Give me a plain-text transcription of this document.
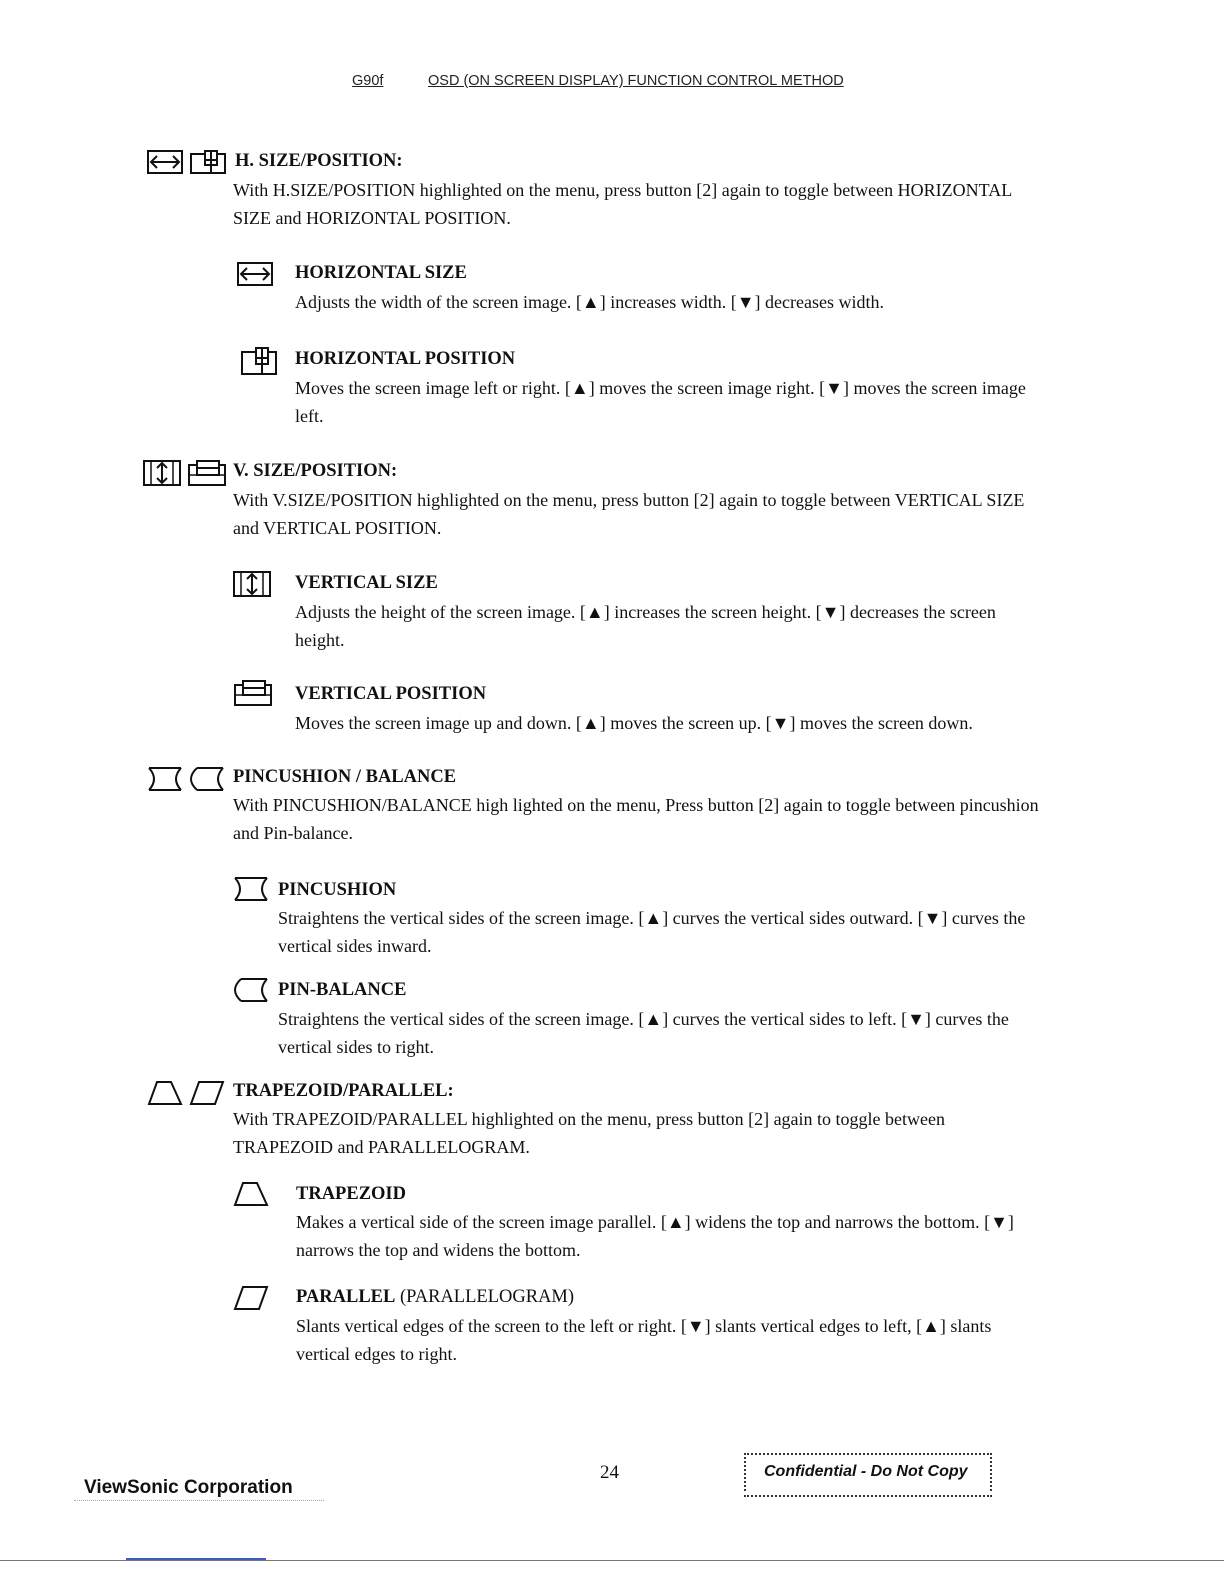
G90f	OSD (ON SCREEN DISPLAY) FUNCTION CONTROL METHOD
H. SIZE/POSITION:
With H.SIZE/POSITION highlighted on the menu, press button [2] again to toggle between HORIZONTAL
SIZE and HORIZONTAL POSITION.
HORIZONTAL SIZE
Adjusts the width of the screen image. [▲] increases width. [▼] decreases width.
HORIZONTAL POSITION
Moves the screen image left or right. [▲] moves the screen image right. [▼] moves the screen image
left.
V. SIZE/POSITION:
With V.SIZE/POSITION highlighted on the menu, press button [2] again to toggle between VERTICAL SIZE
and VERTICAL POSITION.
VERTICAL SIZE
Adjusts the height of the screen image. [▲] increases the screen height. [▼] decreases the screen
height.
VERTICAL POSITION
Moves the screen image up and down. [▲] moves the screen up. [▼] moves the screen down.
PINCUSHION / BALANCE
With PINCUSHION/BALANCE high lighted on the menu, Press button [2] again to toggle between pincushion
and Pin-balance.
PINCUSHION
Straightens the vertical sides of the screen image. [▲] curves the vertical sides outward. [▼] curves the
vertical sides inward.
PIN-BALANCE
Straightens the vertical sides of the screen image. [▲] curves the vertical sides to left. [▼] curves the
vertical sides to right.
TRAPEZOID/PARALLEL:
With TRAPEZOID/PARALLEL highlighted on the menu, press button [2] again to toggle between
TRAPEZOID and PARALLELOGRAM.
TRAPEZOID
Makes a vertical side of the screen image parallel. [▲] widens the top and narrows the bottom. [▼]
narrows the top and widens the bottom.
PARALLEL (PARALLELOGRAM)
Slants vertical edges of the screen to the left or right. [▼] slants vertical edges to left, [▲] slants
vertical edges to right.
24	Confidential - Do Not Copy
ViewSonic Corporation
